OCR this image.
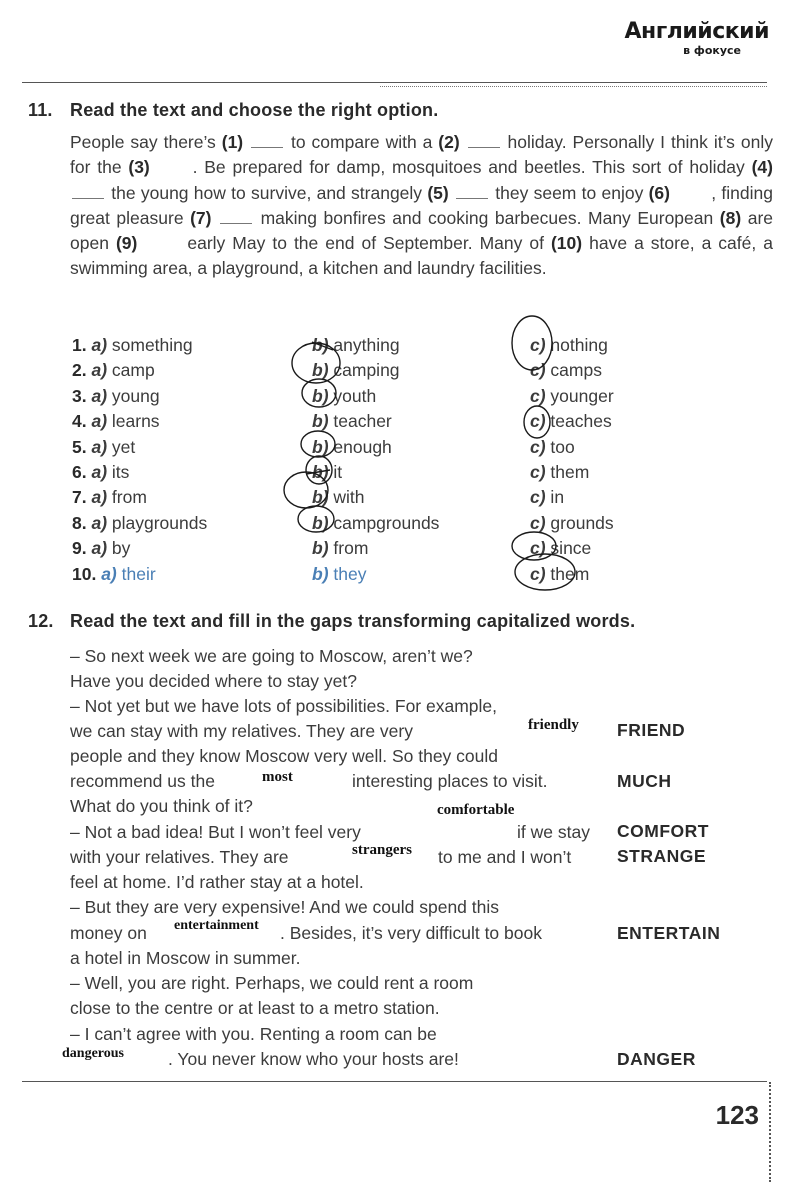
Английский
в фокусе
11. Read the text and choose the right option.
People say there’s (1)  to compare with a (2)  holiday. Personally I think it’s only for the (3) . Be prepared for damp, mosquitoes and beetles. This sort of holiday (4)  the young how to survive, and strangely (5)  they seem to enjoy (6) , finding great pleasure (7)  making bonfires and cooking barbecues. Many European (8) are open (9)  early May to the end of September. Many of (10) have a store, a café, a swimming area, a playground, a kitchen and laundry facilities.
1. a) something	b) anything	c) nothing
2. a) camp	b) camping	c) camps
3. a) young	b) youth	c) younger
4. a) learns	b) teacher	c) teaches
5. a) yet	b) enough	c) too
6. a) its	b) it	c) them
7. a) from	b) with	c) in
8. a) playgrounds	b) campgrounds	c) grounds
9. a) by	b) from	c) since
10. a) their	b) they	c) them
12. Read the text and fill in the gaps transforming capitalized words.
– So next week we are going to Moscow, aren’t we?
Have you decided where to stay yet?
– Not yet but we have lots of possibilities. For example,
we can stay with my relatives. They are very
people and they know Moscow very well. So they could
recommend us the	interesting places to visit.
What do you think of it?
– Not a bad idea! But I won’t feel very	if we stay
with your relatives. They are	to me and I won’t
feel at home. I’d rather stay at a hotel.
– But they are very expensive! And we could spend this
money on	. Besides, it’s very difficult to book
a hotel in Moscow in summer.
– Well, you are right. Perhaps, we could rent a room
close to the centre or at least to a metro station.
– I can’t agree with you. Renting a room can be
. You never know who your hosts are!
FRIEND
MUCH
COMFORT
STRANGE
ENTERTAIN
DANGER
friendly
most
comfortable
strangers
entertainment
dangerous
123
